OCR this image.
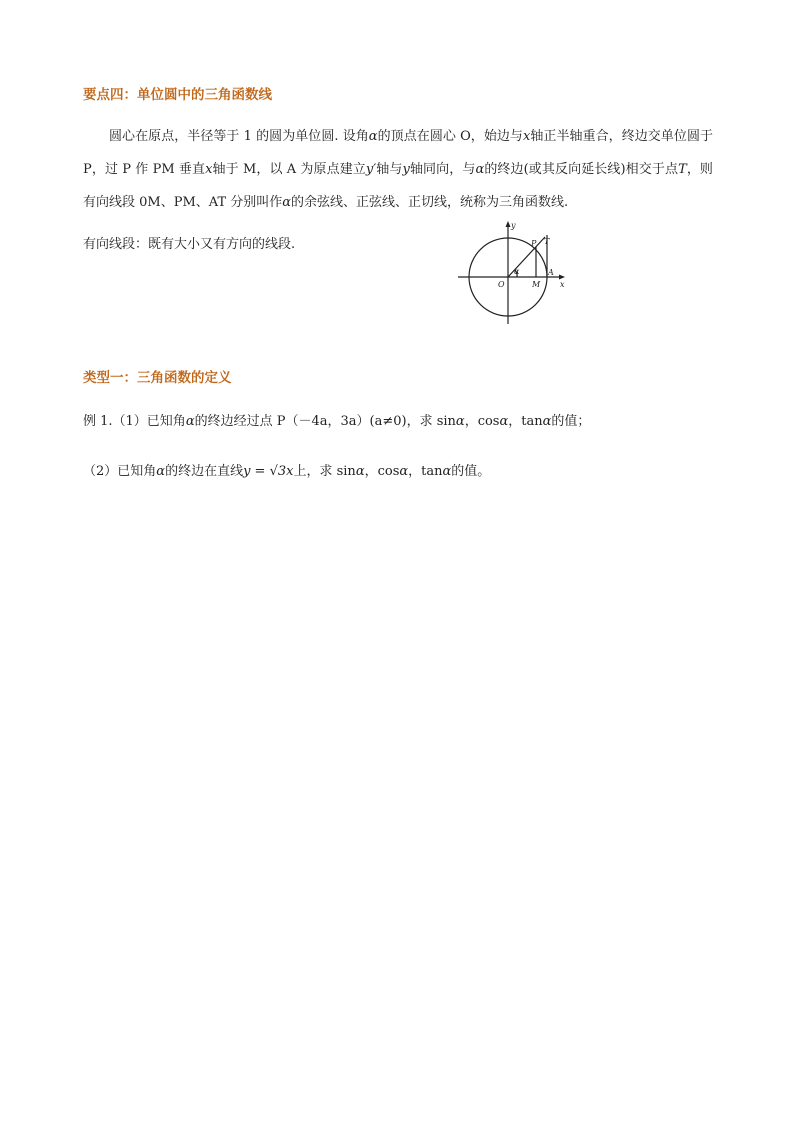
要点四：单位圆中的三角函数线
圆心在原点，半径等于 1 的圆为单位圆. 设角α的顶点在圆心 O，始边与x轴正半轴重合，终边交单位圆于 P，过 P 作 PM 垂直x轴于 M，以 A 为原点建立y′轴与y轴同向，与α的终边(或其反向延长线)相交于点T，则有向线段 0M、PM、AT 分别叫作α的余弦线、正弦线、正切线，统称为三角函数线.
有向线段：既有大小又有方向的线段.
y
x
O	M
A
P T
α
类型一：三角函数的定义
例 1.（1）已知角α的终边经过点 P（－4a，3a）(a≠0)，求 sinα，cosα，tanα的值；
（2）已知角α的终边在直线y = √3x上，求 sinα，cosα，tanα的值。
